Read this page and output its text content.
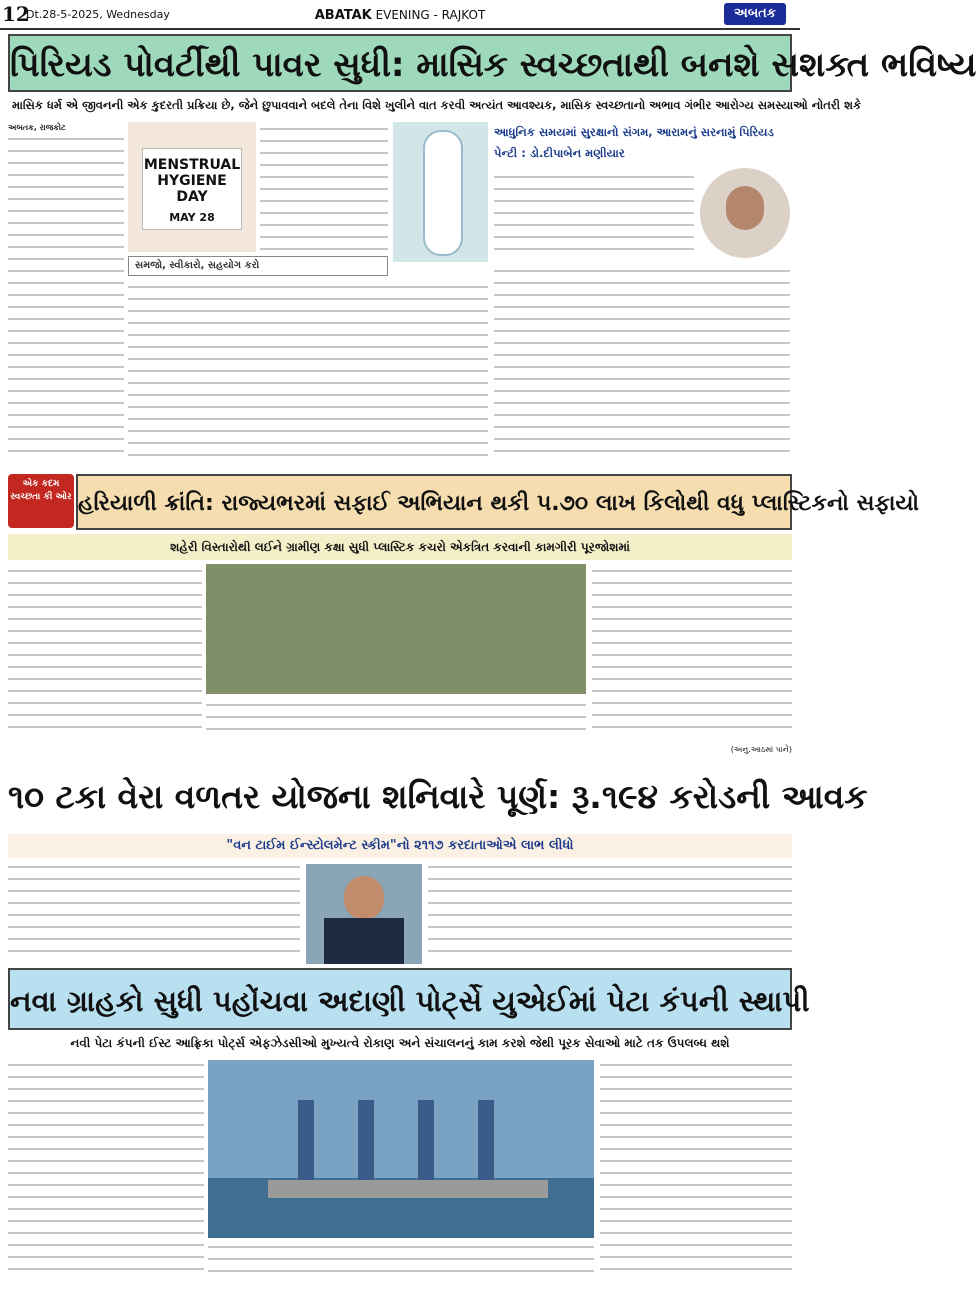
12
Dt.28-5-2025, Wednesday	ABATAK EVENING - RAJKOT	અબતક
પિરિયડ પોવર્ટીથી પાવર સુધી: માસિક સ્વચ્છતાથી બનશે સશક્ત ભવિષ્ય
માસિક ધર્મ એ જીવનની એક કુદરતી પ્રક્રિયા છે, જેને છુપાવવાને બદલે તેના વિશે ખુલીને વાત કરવી અત્યંત આવશ્યક, માસિક સ્વચ્છતાનો અભાવ ગંભીર આરોગ્ય સમસ્યાઓ નોતરી શકે
અબતક, રાજકોટ
MENSTRUAL HYGIENE DAY
MAY 28
આધુનિક સમયમાં સુરક્ષાનો સંગમ, આરામનું સરનામું પિરિયડ પેન્ટી : ડો.દીપાબેન મણીયાર
સમજો, સ્વીકારો, સહયોગ કરો
એક કદમ સ્વચ્છતા કી ઓર હરિયાળી ક્રાંતિ: રાજ્યભરમાં સફાઈ અભિયાન થકી ૫.૭૦ લાખ કિલોથી વધુ પ્લાસ્ટિકનો સફાયો
શહેરી વિસ્તારોથી લઈને ગ્રામીણ કક્ષા સુધી પ્લાસ્ટિક કચરો એકત્રિત કરવાની કામગીરી પૂરજોશમાં
(અનુ.આઠમાં પાને)
૧૦ ટકા વેરા વળતર યોજના શનિવારે પૂર્ણ: રૂ.૧૯૪ કરોડની આવક
"વન ટાઈમ ઈન્સ્ટોલમેન્ટ સ્કીમ"નો ૨૧૧૭ કરદાતાઓએ લાભ લીધો
નવા ગ્રાહકો સુધી પહોંચવા અદાણી પોર્ટ્સે યુએઈમાં પેટા કંપની સ્થાપી
નવી પેટા કંપની ઈસ્ટ આફ્રિકા પોર્ટ્સ એફઝેડસીઓ મુખ્યત્વે રોકાણ અને સંચાલનનું કામ કરશે જેથી પૂરક સેવાઓ માટે તક ઉપલબ્ધ થશે
